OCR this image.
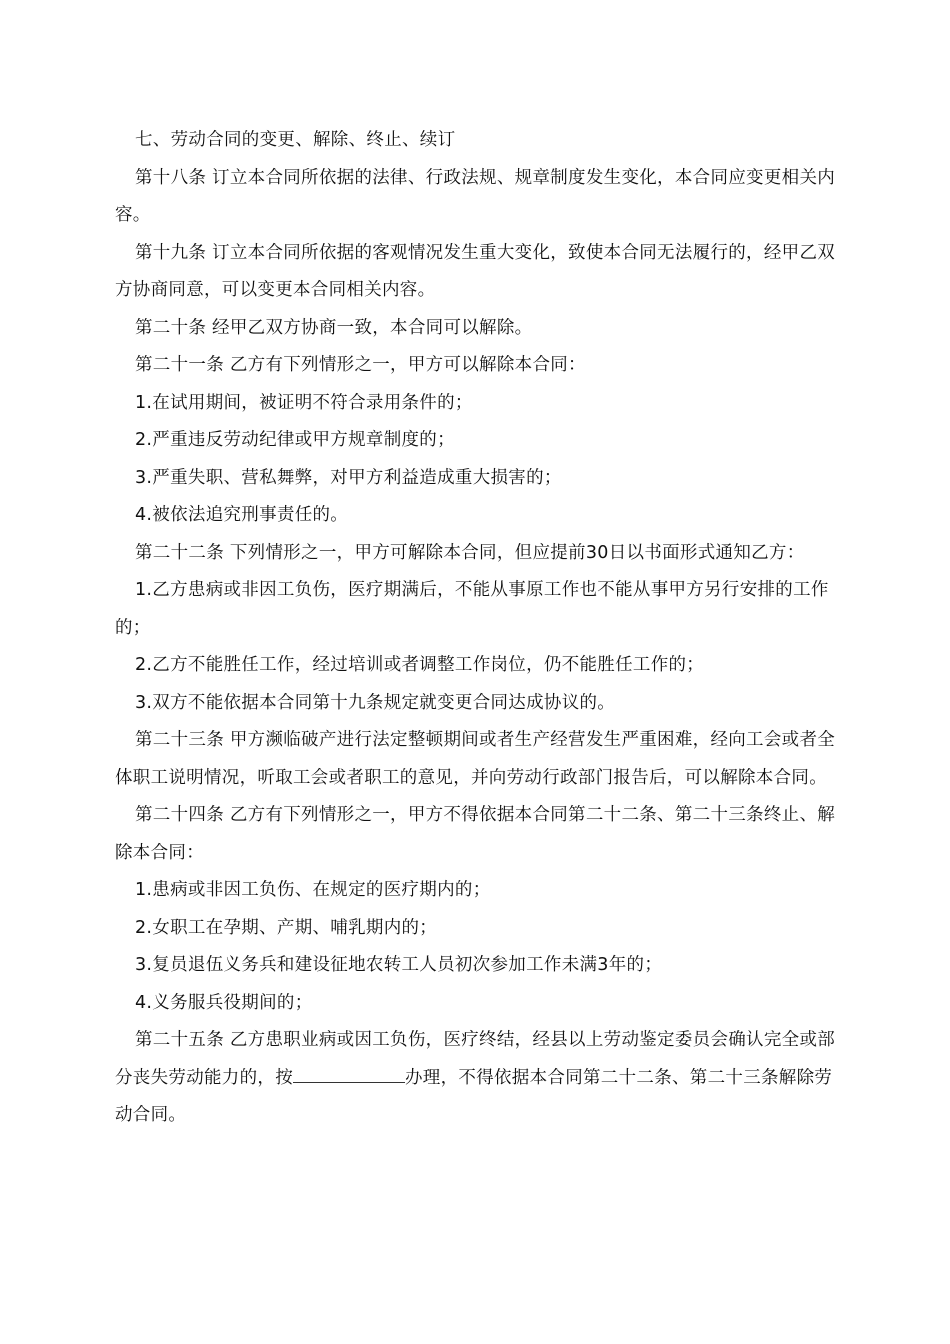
七、劳动合同的变更、解除、终止、续订

第十八条 订立本合同所依据的法律、行政法规、规章制度发生变化，本合同应变更相关内容。

第十九条 订立本合同所依据的客观情况发生重大变化，致使本合同无法履行的，经甲乙双方协商同意，可以变更本合同相关内容。

第二十条 经甲乙双方协商一致，本合同可以解除。

第二十一条 乙方有下列情形之一，甲方可以解除本合同：

1.在试用期间，被证明不符合录用条件的；

2.严重违反劳动纪律或甲方规章制度的；

3.严重失职、营私舞弊，对甲方利益造成重大损害的；

4.被依法追究刑事责任的。

第二十二条 下列情形之一，甲方可解除本合同，但应提前30日以书面形式通知乙方：

1.乙方患病或非因工负伤，医疗期满后，不能从事原工作也不能从事甲方另行安排的工作的；

2.乙方不能胜任工作，经过培训或者调整工作岗位，仍不能胜任工作的；

3.双方不能依据本合同第十九条规定就变更合同达成协议的。

第二十三条 甲方濒临破产进行法定整顿期间或者生产经营发生严重困难，经向工会或者全体职工说明情况，听取工会或者职工的意见，并向劳动行政部门报告后，可以解除本合同。

第二十四条 乙方有下列情形之一，甲方不得依据本合同第二十二条、第二十三条终止、解除本合同：

1.患病或非因工负伤、在规定的医疗期内的；

2.女职工在孕期、产期、哺乳期内的；

3.复员退伍义务兵和建设征地农转工人员初次参加工作未满3年的；

4.义务服兵役期间的；

第二十五条 乙方患职业病或因工负伤，医疗终结，经县以上劳动鉴定委员会确认完全或部分丧失劳动能力的，按	办理，不得依据本合同第二十二条、第二十三条解除劳动合同。
